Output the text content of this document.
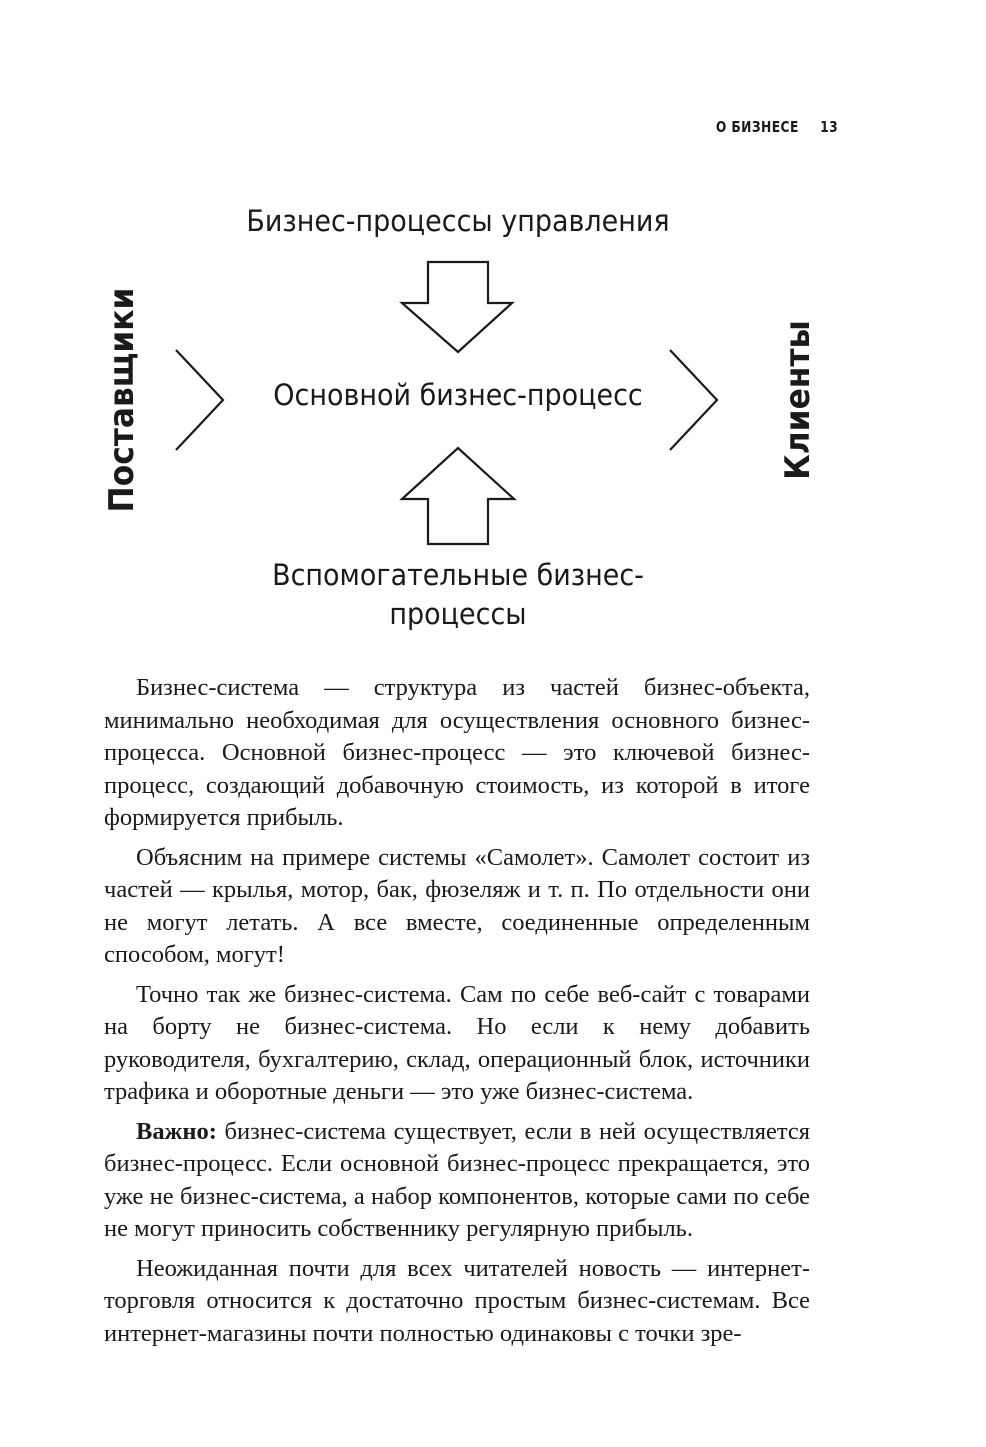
О БИЗНЕСЕ 13
Бизнес-процессы управления
Основной бизнес-процесс
Вспомогательные бизнес-
процессы
Поставщики	Клиенты

Бизнес-система — структура из частей бизнес-объекта, минимально необходимая для осуществления основного бизнес-процесса. Основной бизнес-процесс — это ключевой бизнес-процесс, создающий добавочную стоимость, из которой в итоге формируется прибыль.

Объясним на примере системы «Самолет». Самолет состоит из частей — крылья, мотор, бак, фюзеляж и т. п. По отдельности они не могут летать. А все вместе, соединенные определенным способом, могут!

Точно так же бизнес-система. Сам по себе веб-сайт с товарами на борту не бизнес-система. Но если к нему добавить руководителя, бухгалтерию, склад, операционный блок, источники трафика и оборотные деньги — это уже бизнес-система.

Важно: бизнес-система существует, если в ней осуществляется бизнес-процесс. Если основной бизнес-процесс прекращается, это уже не бизнес-система, а набор компонентов, которые сами по себе не могут приносить собственнику регулярную прибыль.

Неожиданная почти для всех читателей новость — интернет-торговля относится к достаточно простым бизнес-системам. Все интернет-магазины почти полностью одинаковы с точки зре-
